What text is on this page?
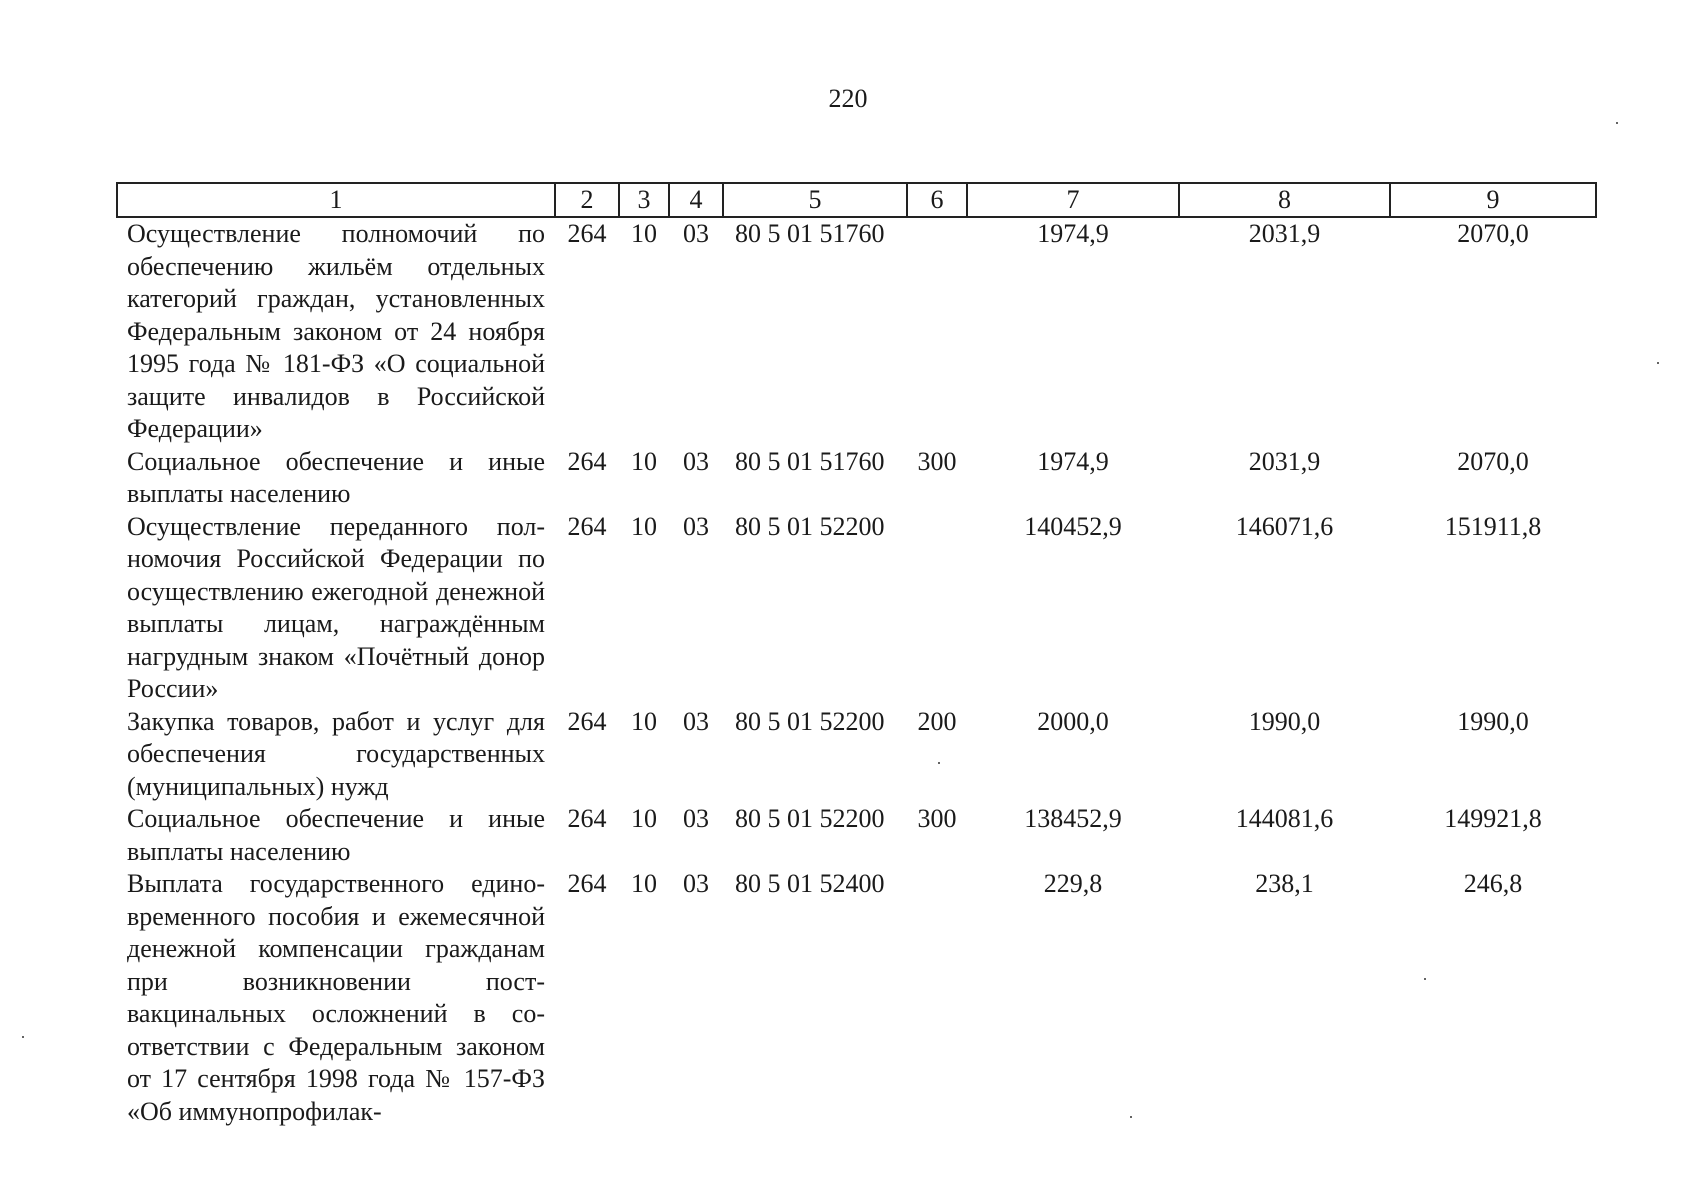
220
1	2	3	4	5	6	7	8	9
Осуществление полномочий по обеспечению жильём отдельных категорий граждан, установленных Федеральным законом от 24 ноября 1995 года № 181-ФЗ «О социальной защите инвалидов в Российской Федерации»	264	10	03	80 5 01 51760		1974,9	2031,9	2070,0
Социальное обеспечение и иные выплаты населению	264	10	03	80 5 01 51760	300	1974,9	2031,9	2070,0
Осуществление переданного полномочия Российской Федерации по осуществлению ежегодной денежной выплаты лицам, награждённым нагрудным знаком «Почётный донор России»	264	10	03	80 5 01 52200		140452,9	146071,6	151911,8
Закупка товаров, работ и услуг для обеспечения государственных (муниципальных) нужд	264	10	03	80 5 01 52200	200	2000,0	1990,0	1990,0
Социальное обеспечение и иные выплаты населению	264	10	03	80 5 01 52200	300	138452,9	144081,6	149921,8
Выплата государственного единовременного пособия и ежемесячной денежной компенсации гражданам при возникновении поствакцинальных осложнений в соответствии с Федеральным законом от 17 сентября 1998 года № 157-ФЗ «Об иммунопрофилак-	264	10	03	80 5 01 52400		229,8	238,1	246,8
